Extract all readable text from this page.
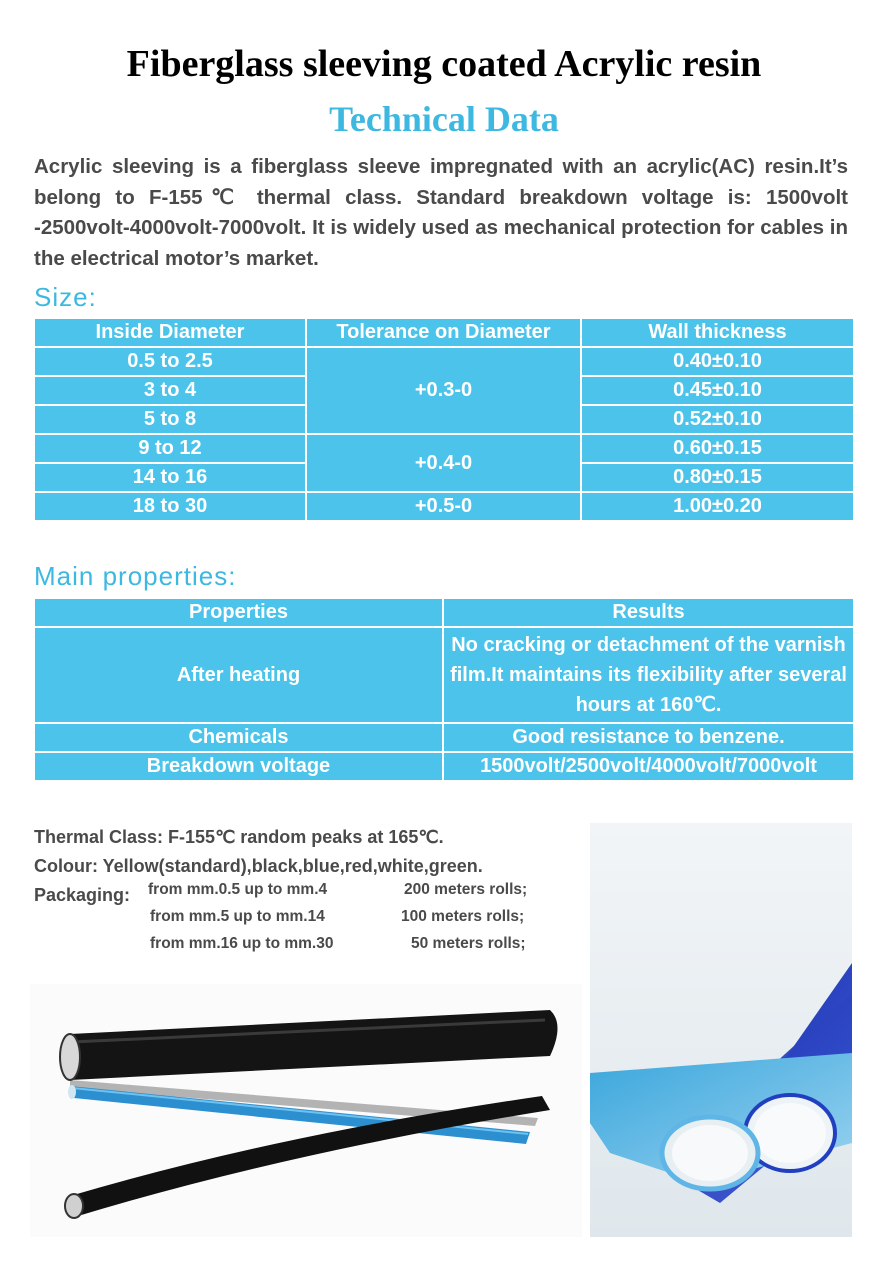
Fiberglass sleeving coated Acrylic resin
Technical Data
Acrylic sleeving is a fiberglass sleeve impregnated with an acrylic(AC) resin.It’s belong to F-155℃ thermal class. Standard breakdown voltage is: 1500volt -2500volt-4000volt-7000volt. It is widely used as mechanical protection for cables in the electrical motor’s market.
Size:
Inside Diameter	Tolerance on Diameter	Wall thickness
0.5 to 2.5	+0.3-0	0.40±0.10
3 to 4		0.45±0.10
5 to 8		0.52±0.10
9 to 12	+0.4-0	0.60±0.15
14 to 16		0.80±0.15
18 to 30	+0.5-0	1.00±0.20
Main properties:
Properties	Results
After heating	No cracking or detachment of the varnish film.It maintains its flexibility after several hours at 160℃.
Chemicals	Good resistance to benzene.
Breakdown voltage	1500volt/2500volt/4000volt/7000volt
Thermal Class: F-155℃ random peaks at 165℃.
Colour: Yellow(standard),black,blue,red,white,green.
Packaging:	from mm.0.5 up to mm.4	200 meters rolls;
from mm.5 up to mm.14	100 meters rolls;
from mm.16 up to mm.30	50 meters rolls;
